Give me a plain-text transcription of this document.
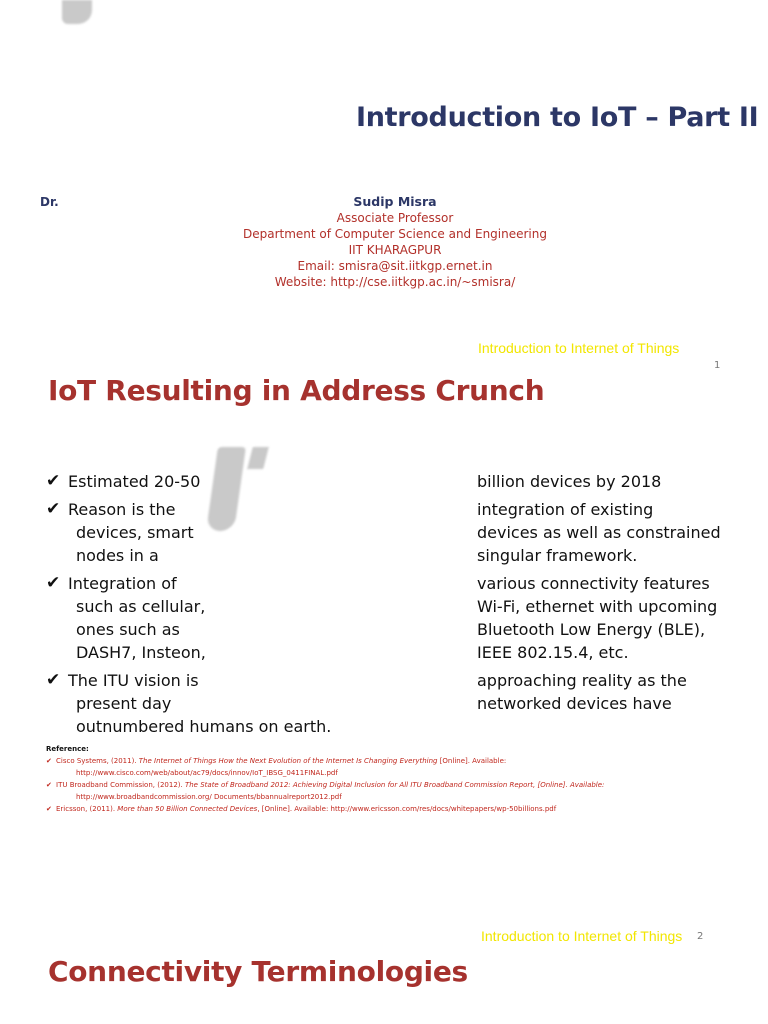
Introduction to IoT – Part II
Dr.	Sudip Misra
Associate Professor
Department of Computer Science and Engineering
IIT KHARAGPUR
Email: smisra@sit.iitkgp.ernet.in
Website: http://cse.iitkgp.ac.in/~smisra/
Introduction to Internet of Things
1
IoT Resulting in Address Crunch
✔ Estimated 20-50
✔ Reason is the
devices, smart
nodes in a
✔ Integration of
such as cellular,
ones such as
DASH7, Insteon,
✔ The ITU vision is
present day
outnumbered humans on earth.
billion devices by 2018
integration of existing
devices as well as constrained
singular framework.
various connectivity features
Wi-Fi, ethernet with upcoming
Bluetooth Low Energy (BLE),
IEEE 802.15.4, etc.
approaching reality as the
networked devices have
Reference:
✔ Cisco Systems, (2011). The Internet of Things How the Next Evolution of the Internet Is Changing Everything [Online]. Available:
http://www.cisco.com/web/about/ac79/docs/innov/IoT_IBSG_0411FINAL.pdf
✔ ITU Broadband Commission, (2012). The State of Broadband 2012: Achieving Digital Inclusion for All ITU Broadband Commission Report, [Online]. Available:
http://www.broadbandcommission.org/ Documents/bbannualreport2012.pdf
✔ Ericsson, (2011). More than 50 Billion Connected Devices, [Online]. Available: http://www.ericsson.com/res/docs/whitepapers/wp-50billions.pdf
Introduction to Internet of Things 2
Connectivity Terminologies
